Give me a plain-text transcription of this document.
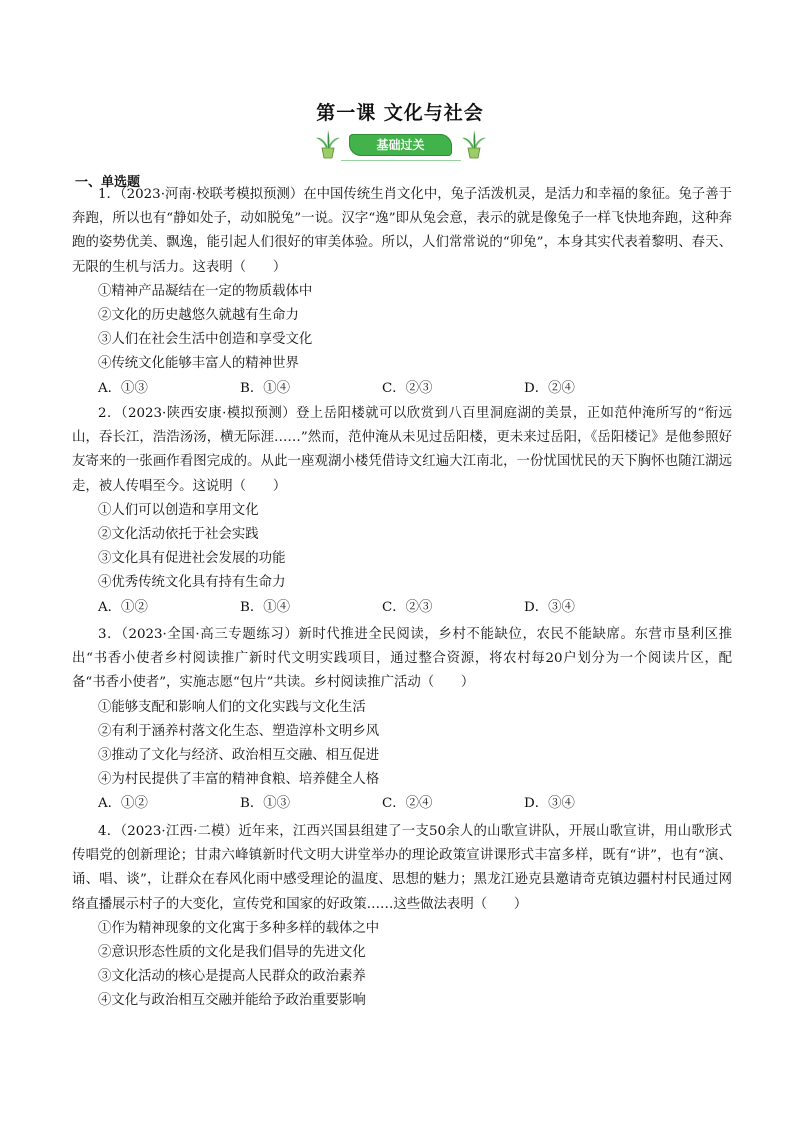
第一课 文化与社会
基础过关
一、单选题

1．（2023·河南·校联考模拟预测）在中国传统生肖文化中，兔子活泼机灵，是活力和幸福的象征。兔子善于奔跑，所以也有“静如处子，动如脱兔”一说。汉字“逸”即从兔会意，表示的就是像兔子一样飞快地奔跑，这种奔跑的姿势优美、飘逸，能引起人们很好的审美体验。所以，人们常常说的“卯兔”，本身其实代表着黎明、春天、无限的生机与活力。这表明（　　）

①精神产品凝结在一定的物质载体中

②文化的历史越悠久就越有生命力

③人们在社会生活中创造和享受文化

④传统文化能够丰富人的精神世界

A．①③	B．①④	C．②③	D．②④

2．（2023·陕西安康·模拟预测）登上岳阳楼就可以欣赏到八百里洞庭湖的美景，正如范仲淹所写的“衔远山，吞长江，浩浩汤汤，横无际涯……”然而，范仲淹从未见过岳阳楼，更未来过岳阳，《岳阳楼记》是他参照好友寄来的一张画作看图完成的。从此一座观湖小楼凭借诗文红遍大江南北，一份忧国忧民的天下胸怀也随江湖远走，被人传唱至今。这说明（　　）

①人们可以创造和享用文化

②文化活动依托于社会实践

③文化具有促进社会发展的功能

④优秀传统文化具有持有生命力

A．①②	B．①④	C．②③	D．③④

3．（2023·全国·高三专题练习）新时代推进全民阅读，乡村不能缺位，农民不能缺席。东营市垦利区推出“书香小使者乡村阅读推广新时代文明实践项目，通过整合资源，将农村每20户划分为一个阅读片区，配备“书香小使者”，实施志愿“包片”共读。乡村阅读推广活动（　　）

①能够支配和影响人们的文化实践与文化生活

②有利于涵养村落文化生态、塑造淳朴文明乡风

③推动了文化与经济、政治相互交融、相互促进

④为村民提供了丰富的精神食粮、培养健全人格

A．①②	B．①③	C．②④	D．③④

4．（2023·江西·二模）近年来，江西兴国县组建了一支50余人的山歌宣讲队，开展山歌宣讲，用山歌形式传唱党的创新理论；甘肃六峰镇新时代文明大讲堂举办的理论政策宣讲课形式丰富多样，既有“讲”，也有“演、诵、唱、谈”，让群众在春风化雨中感受理论的温度、思想的魅力；黑龙江逊克县邀请奇克镇边疆村村民通过网络直播展示村子的大变化，宣传党和国家的好政策……这些做法表明（　　）

①作为精神现象的文化寓于多种多样的载体之中

②意识形态性质的文化是我们倡导的先进文化

③文化活动的核心是提高人民群众的政治素养

④文化与政治相互交融并能给予政治重要影响
